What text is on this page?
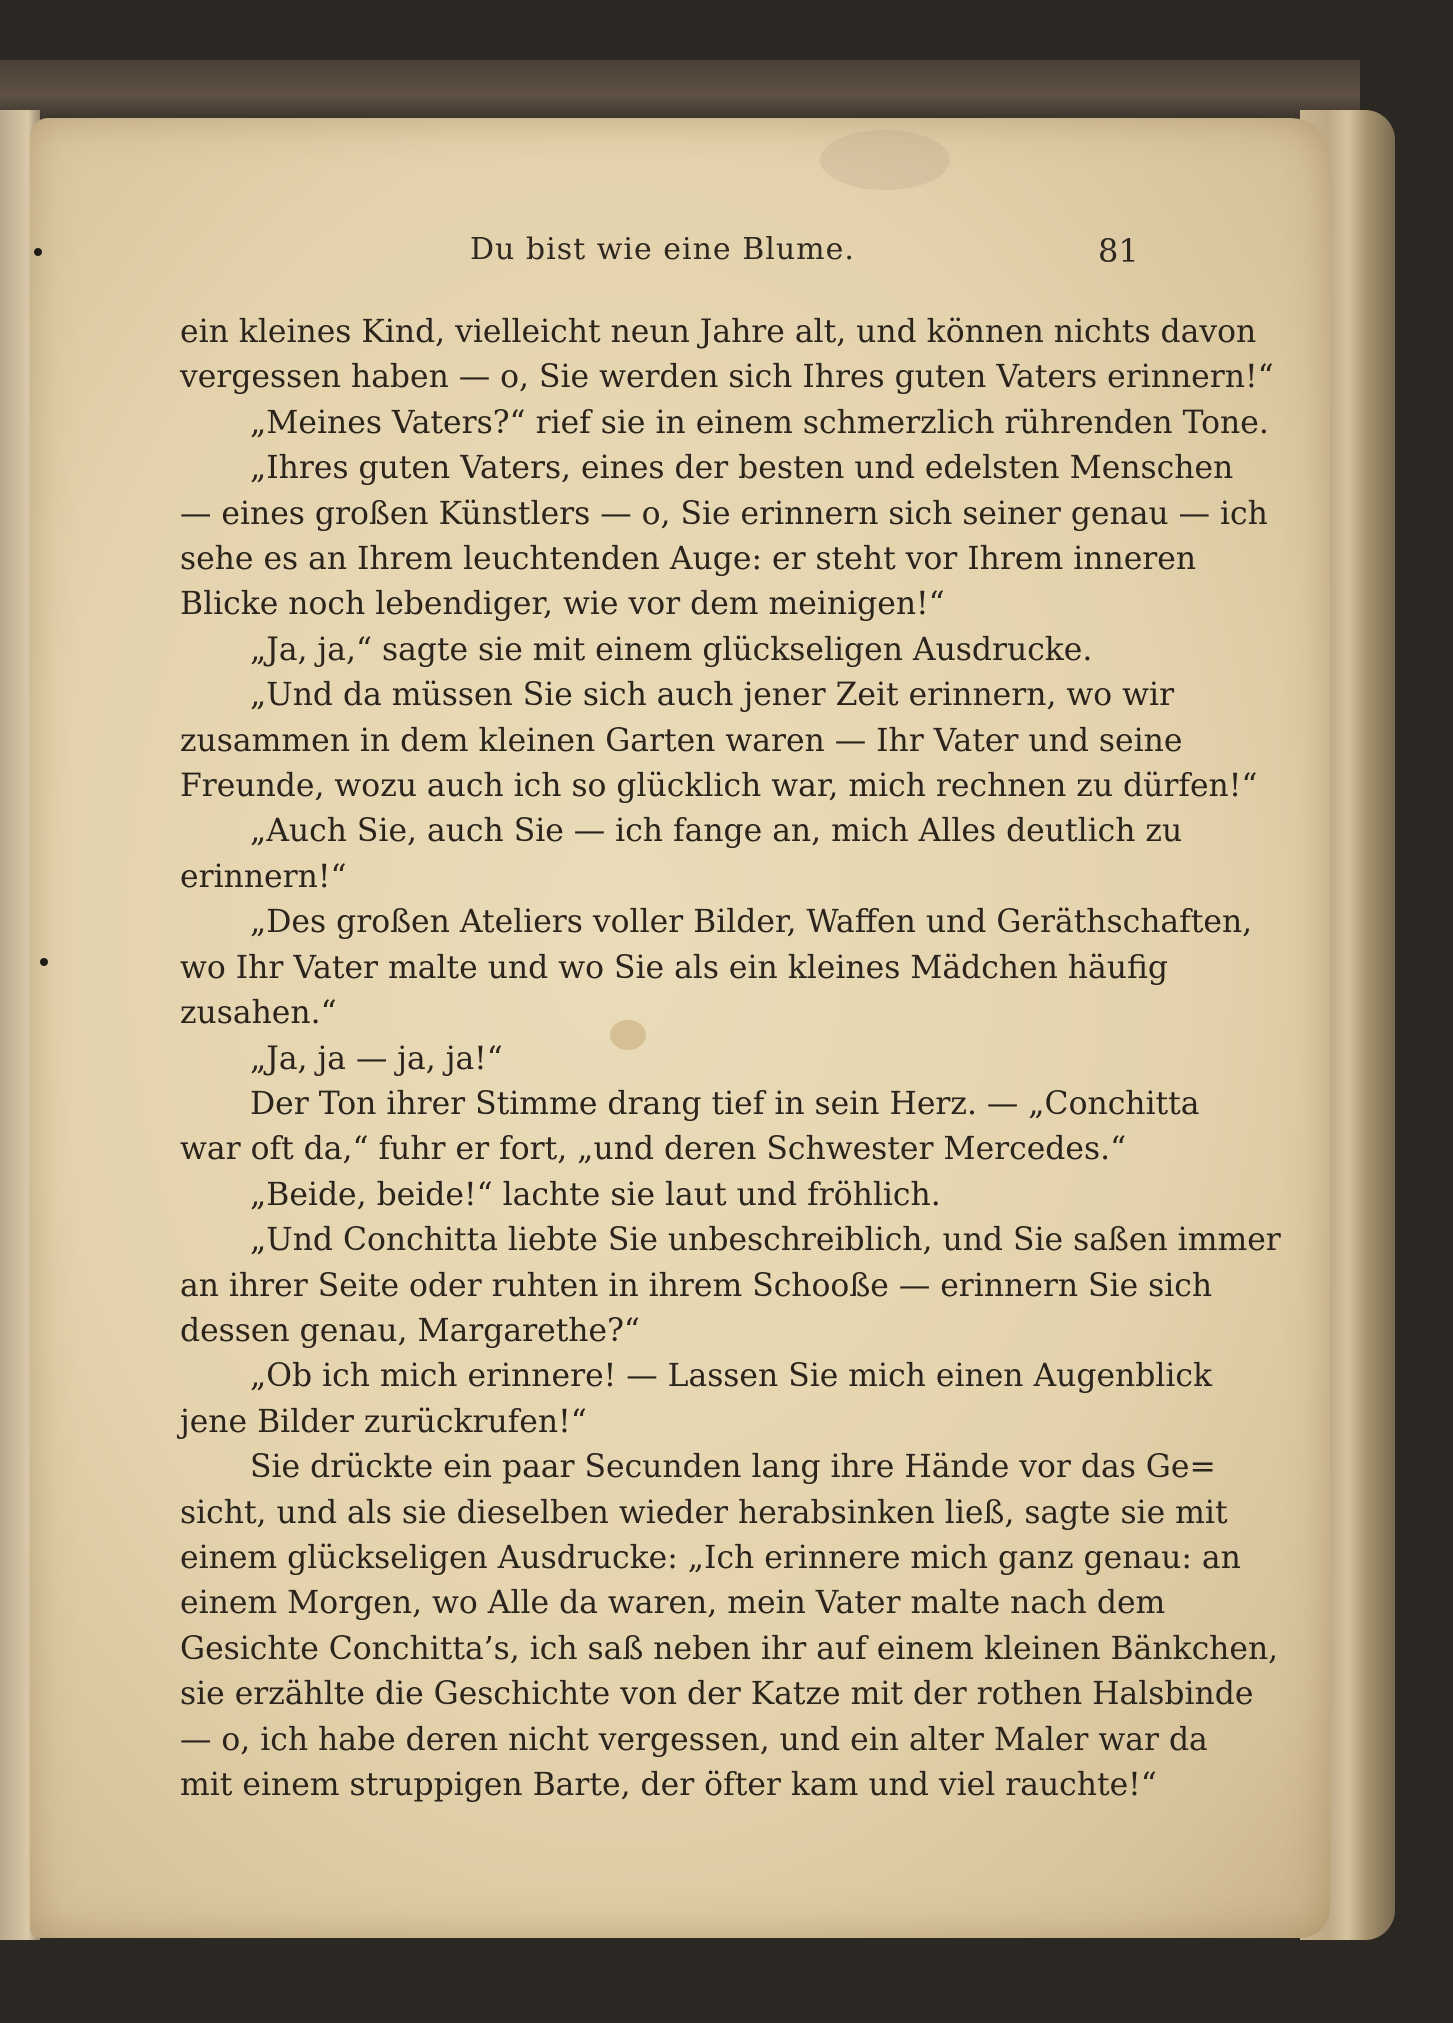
Du bist wie eine Blume.	81
ein kleines Kind, vielleicht neun Jahre alt, und können nichts davon
vergessen haben — o, Sie werden sich Ihres guten Vaters erinnern!“
„Meines Vaters?“ rief sie in einem schmerzlich rührenden Tone.
„Ihres guten Vaters, eines der besten und edelsten Menschen
— eines großen Künstlers — o, Sie erinnern sich seiner genau — ich
sehe es an Ihrem leuchtenden Auge: er steht vor Ihrem inneren
Blicke noch lebendiger, wie vor dem meinigen!“
„Ja, ja,“ sagte sie mit einem glückseligen Ausdrucke.
„Und da müssen Sie sich auch jener Zeit erinnern, wo wir
zusammen in dem kleinen Garten waren — Ihr Vater und seine
Freunde, wozu auch ich so glücklich war, mich rechnen zu dürfen!“
„Auch Sie, auch Sie — ich fange an, mich Alles deutlich zu
erinnern!“
„Des großen Ateliers voller Bilder, Waffen und Geräthschaften,
wo Ihr Vater malte und wo Sie als ein kleines Mädchen häufig
zusahen.“
„Ja, ja — ja, ja!“
Der Ton ihrer Stimme drang tief in sein Herz. — „Conchitta
war oft da,“ fuhr er fort, „und deren Schwester Mercedes.“
„Beide, beide!“ lachte sie laut und fröhlich.
„Und Conchitta liebte Sie unbeschreiblich, und Sie saßen immer
an ihrer Seite oder ruhten in ihrem Schooße — erinnern Sie sich
dessen genau, Margarethe?“
„Ob ich mich erinnere! — Lassen Sie mich einen Augenblick
jene Bilder zurückrufen!“
Sie drückte ein paar Secunden lang ihre Hände vor das Ge=
sicht, und als sie dieselben wieder herabsinken ließ, sagte sie mit
einem glückseligen Ausdrucke: „Ich erinnere mich ganz genau: an
einem Morgen, wo Alle da waren, mein Vater malte nach dem
Gesichte Conchitta’s, ich saß neben ihr auf einem kleinen Bänkchen,
sie erzählte die Geschichte von der Katze mit der rothen Halsbinde
— o, ich habe deren nicht vergessen, und ein alter Maler war da
mit einem struppigen Barte, der öfter kam und viel rauchte!“
